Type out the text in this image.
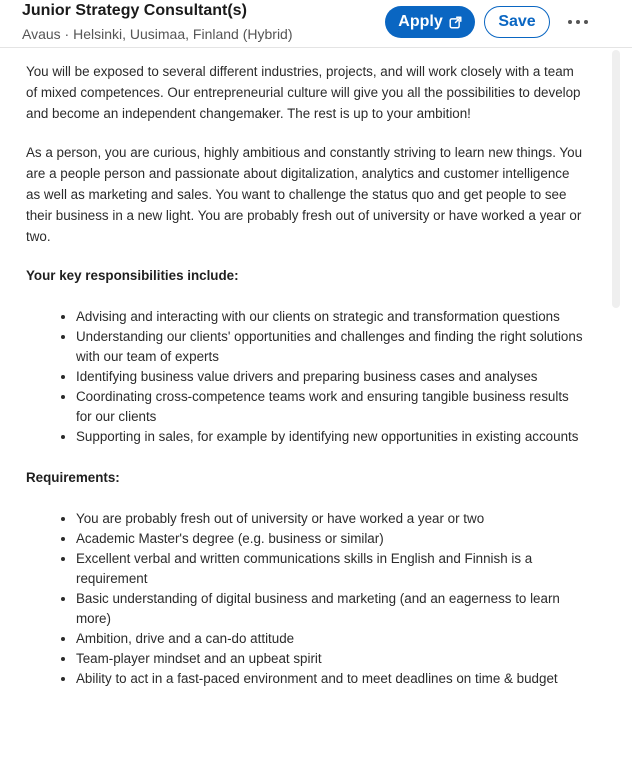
Junior Strategy Consultant(s)
Avaus · Helsinki, Uusimaa, Finland (Hybrid)
Apply	Save

You will be exposed to several different industries, projects, and will work closely with a team of mixed competences. Our entrepreneurial culture will give you all the possibilities to develop and become an independent changemaker. The rest is up to your ambition!

As a person, you are curious, highly ambitious and constantly striving to learn new things. You are a people person and passionate about digitalization, analytics and customer intelligence as well as marketing and sales. You want to challenge the status quo and get people to see their business in a new light. You are probably fresh out of university or have worked a year or two.

Your key responsibilities include:
• Advising and interacting with our clients on strategic and transformation questions
• Understanding our clients' opportunities and challenges and finding the right solutions with our team of experts
• Identifying business value drivers and preparing business cases and analyses
• Coordinating cross-competence teams work and ensuring tangible business results for our clients
• Supporting in sales, for example by identifying new opportunities in existing accounts
Requirements:
• You are probably fresh out of university or have worked a year or two
• Academic Master's degree (e.g. business or similar)
• Excellent verbal and written communications skills in English and Finnish is a requirement
• Basic understanding of digital business and marketing (and an eagerness to learn more)
• Ambition, drive and a can-do attitude
• Team-player mindset and an upbeat spirit
• Ability to act in a fast-paced environment and to meet deadlines on time & budget
